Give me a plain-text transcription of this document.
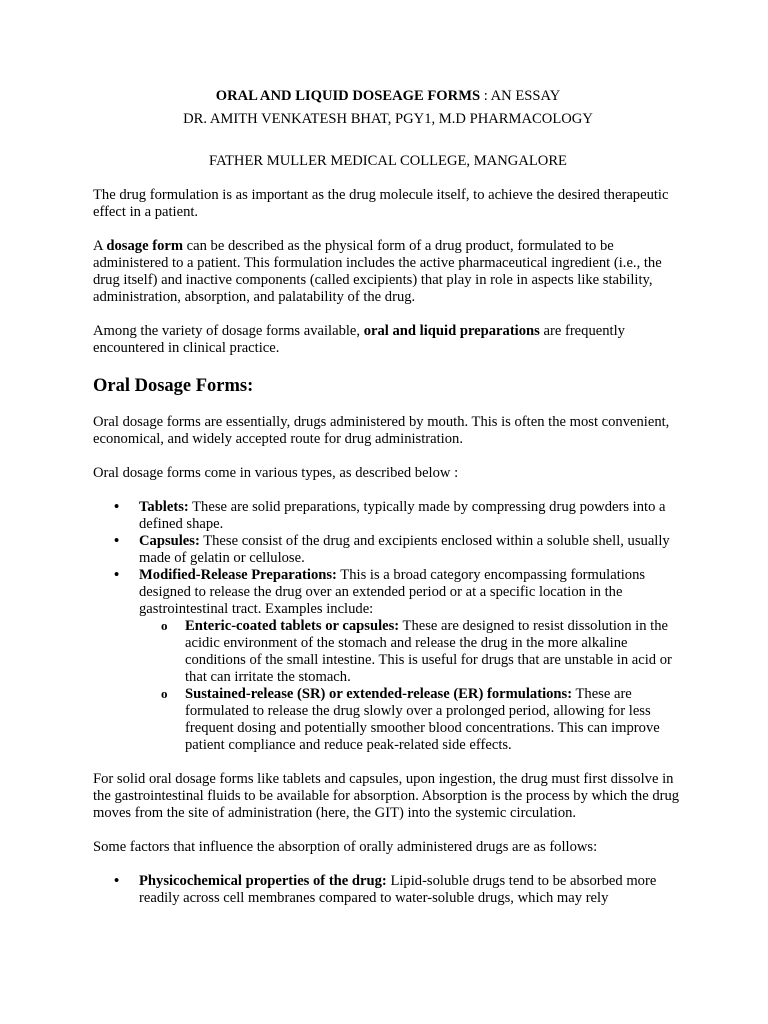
ORAL AND LIQUID DOSEAGE FORMS : AN ESSAY

DR. AMITH VENKATESH BHAT, PGY1, M.D PHARMACOLOGY

FATHER MULLER MEDICAL COLLEGE, MANGALORE

The drug formulation is as important as the drug molecule itself, to achieve the desired therapeutic effect in a patient.

A dosage form can be described as the physical form of a drug product, formulated to be administered to a patient. This formulation includes the active pharmaceutical ingredient (i.e., the drug itself) and inactive components (called excipients) that play in role in aspects like stability, administration, absorption, and palatability of the drug.

Among the variety of dosage forms available, oral and liquid preparations are frequently encountered in clinical practice.

Oral Dosage Forms:

Oral dosage forms are essentially, drugs administered by mouth. This is often the most convenient, economical, and widely accepted route for drug administration.

Oral dosage forms come in various types, as described below :

• Tablets: These are solid preparations, typically made by compressing drug powders into a defined shape.
• Capsules: These consist of the drug and excipients enclosed within a soluble shell, usually made of gelatin or cellulose.
• Modified-Release Preparations: This is a broad category encompassing formulations designed to release the drug over an extended period or at a specific location in the gastrointestinal tract. Examples include:
o Enteric-coated tablets or capsules: These are designed to resist dissolution in the acidic environment of the stomach and release the drug in the more alkaline conditions of the small intestine. This is useful for drugs that are unstable in acid or that can irritate the stomach.
o Sustained-release (SR) or extended-release (ER) formulations: These are formulated to release the drug slowly over a prolonged period, allowing for less frequent dosing and potentially smoother blood concentrations. This can improve patient compliance and reduce peak-related side effects.

For solid oral dosage forms like tablets and capsules, upon ingestion, the drug must first dissolve in the gastrointestinal fluids to be available for absorption. Absorption is the process by which the drug moves from the site of administration (here, the GIT) into the systemic circulation.

Some factors that influence the absorption of orally administered drugs are as follows:

• Physicochemical properties of the drug: Lipid-soluble drugs tend to be absorbed more readily across cell membranes compared to water-soluble drugs, which may rely
